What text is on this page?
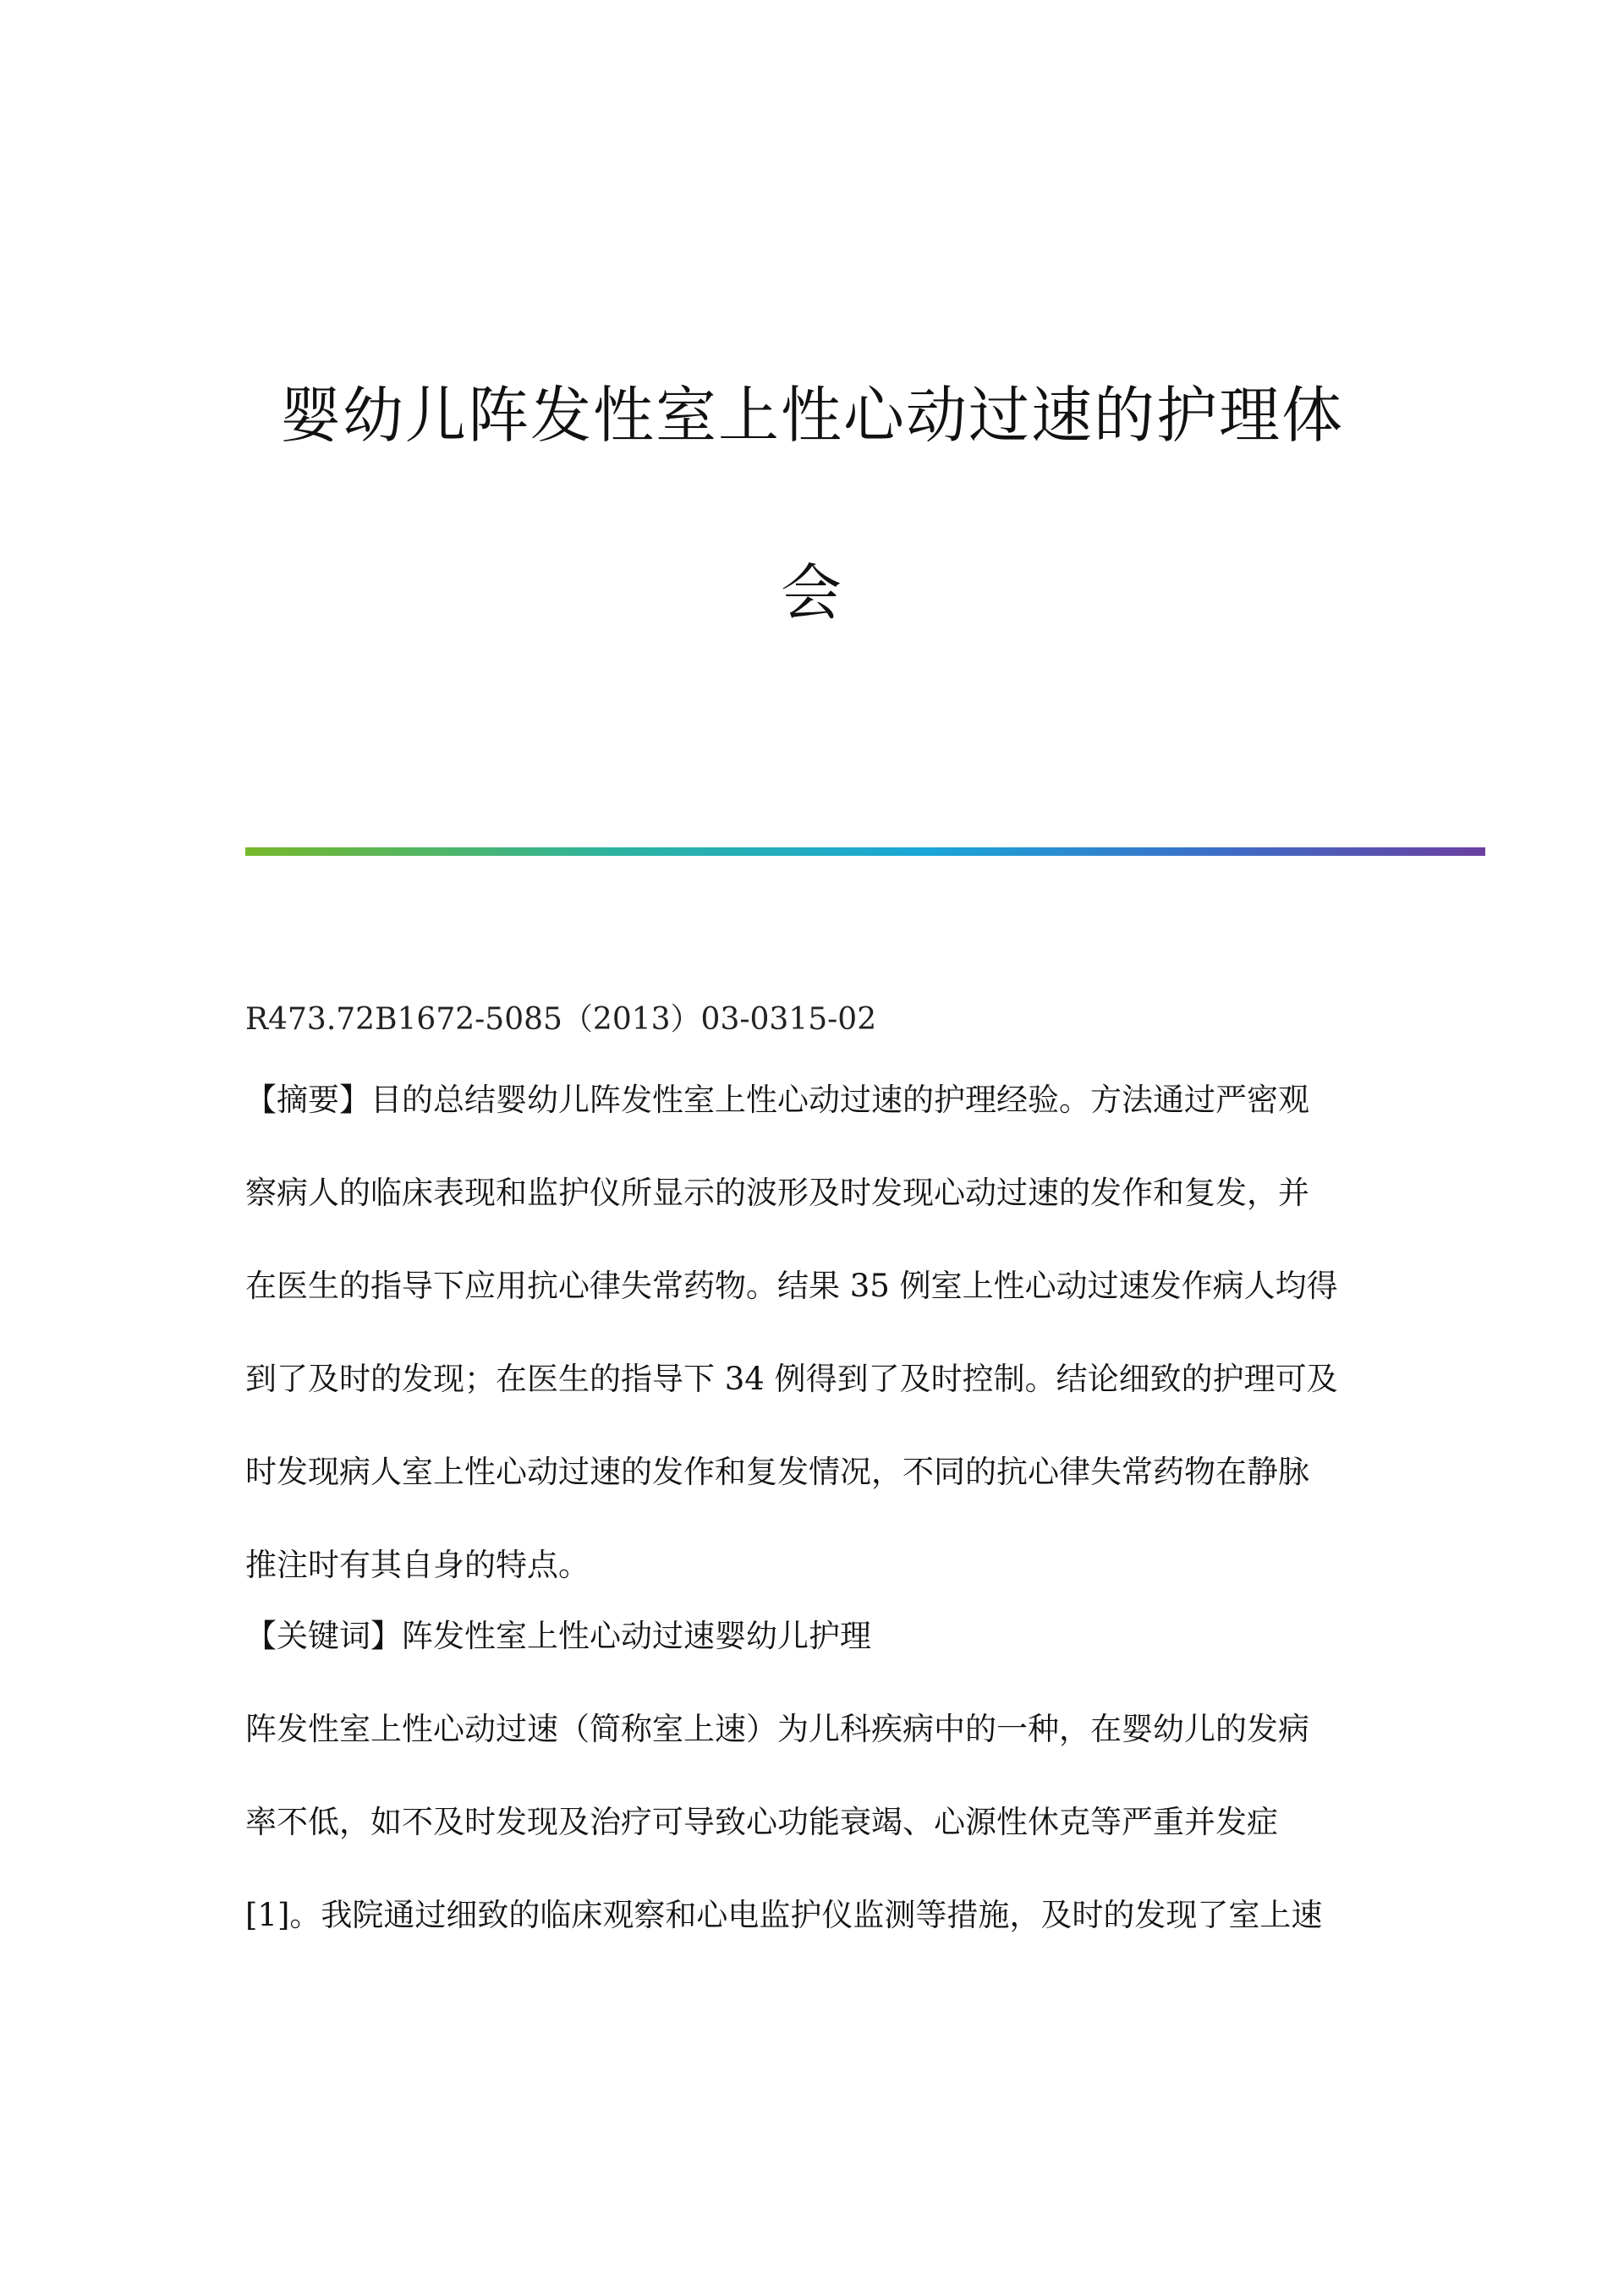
婴幼儿阵发性室上性心动过速的护理体
会
R473.72B1672-5085（2013）03-0315-02
【摘要】目的总结婴幼儿阵发性室上性心动过速的护理经验。方法通过严密观
察病人的临床表现和监护仪所显示的波形及时发现心动过速的发作和复发，并
在医生的指导下应用抗心律失常药物。结果 35 例室上性心动过速发作病人均得
到了及时的发现；在医生的指导下 34 例得到了及时控制。结论细致的护理可及
时发现病人室上性心动过速的发作和复发情况，不同的抗心律失常药物在静脉
推注时有其自身的特点。
【关键词】阵发性室上性心动过速婴幼儿护理
阵发性室上性心动过速（简称室上速）为儿科疾病中的一种，在婴幼儿的发病
率不低，如不及时发现及治疗可导致心功能衰竭、心源性休克等严重并发症
[1]。我院通过细致的临床观察和心电监护仪监测等措施，及时的发现了室上速
